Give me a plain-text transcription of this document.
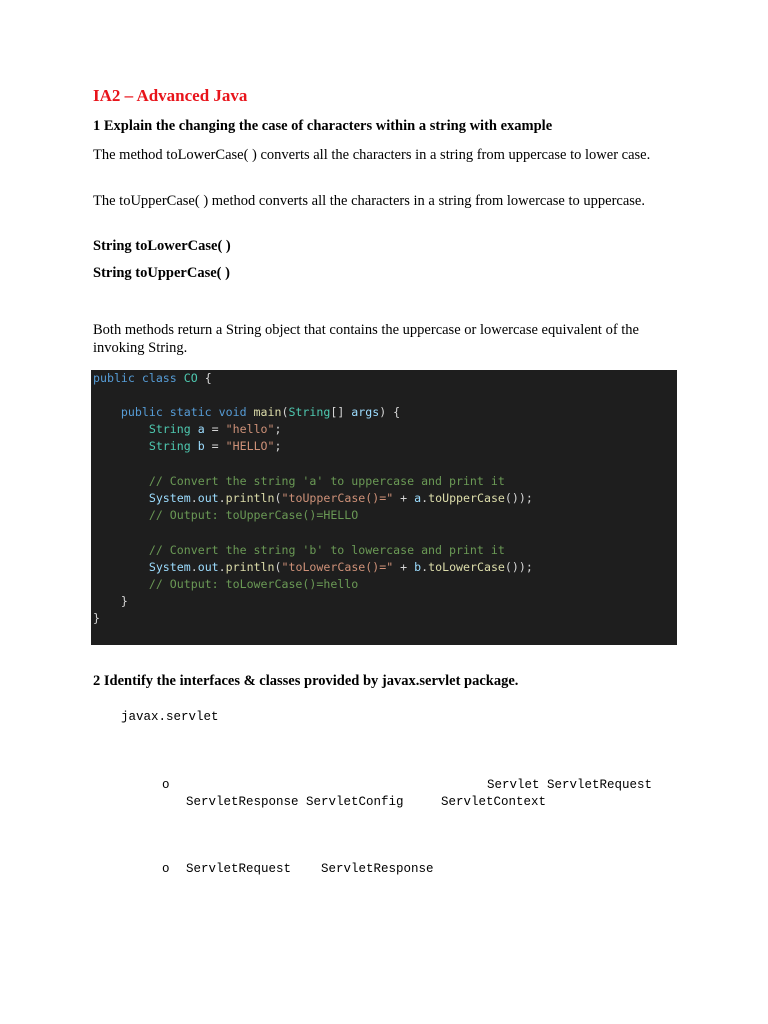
IA2 – Advanced Java

1 Explain the changing the case of characters within a string with example

The method toLowerCase( ) converts all the characters in a string from uppercase to lower case.

The toUpperCase( ) method converts all the characters in a string from lowercase to uppercase.

String toLowerCase( )

String toUpperCase( )

Both methods return a String object that contains the uppercase or lowercase equivalent of the invoking String.

public class CO {
public static void main(String[] args) {
String a = "hello";
String b = "HELLO";
// Convert the string 'a' to uppercase and print it
System.out.println("toUpperCase()=" + a.toUpperCase());
// Output: toUpperCase()=HELLO
// Convert the string 'b' to lowercase and print it
System.out.println("toLowerCase()=" + b.toLowerCase());
// Output: toLowerCase()=hello
}
}

2 Identify the interfaces & classes provided by javax.servlet package.

javax.servlet
o	Servlet ServletRequest
ServletResponse ServletConfig     ServletContext
o ServletRequest    ServletResponse
